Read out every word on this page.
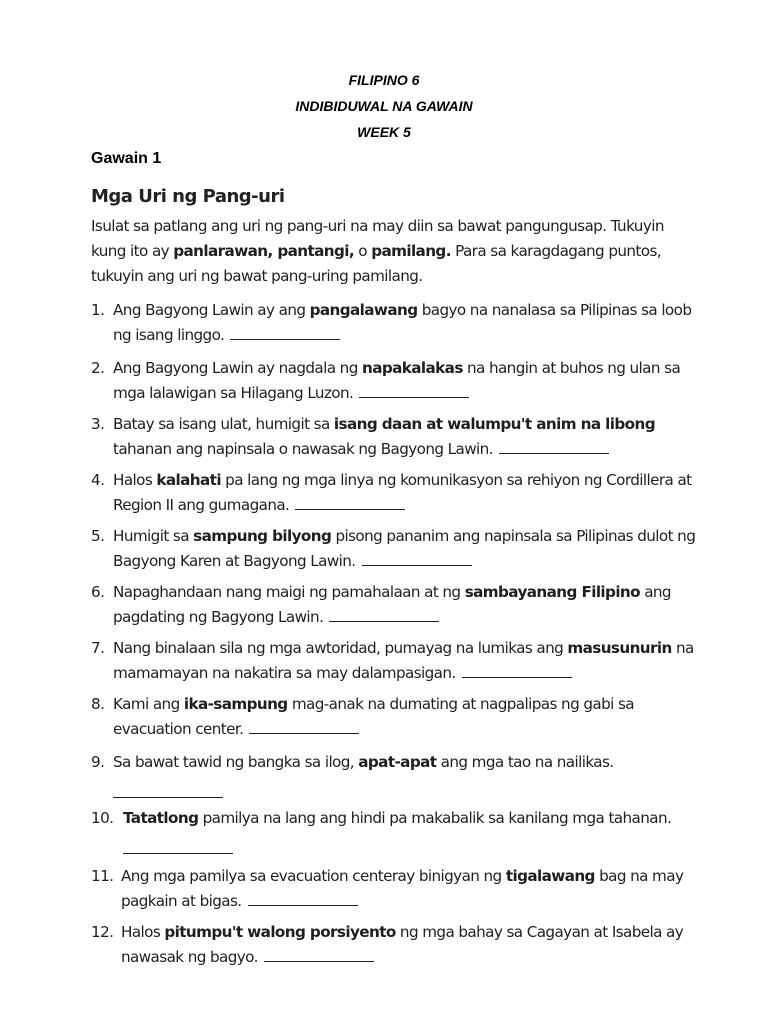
FILIPINO 6
INDIBIDUWAL NA GAWAIN
WEEK 5
Gawain 1
Mga Uri ng Pang-uri
Isulat sa patlang ang uri ng pang-uri na may diin sa bawat pangungusap. Tukuyin kung ito ay panlarawan, pantangi, o pamilang. Para sa karagdagang puntos, tukuyin ang uri ng bawat pang-uring pamilang.
1. Ang Bagyong Lawin ay ang pangalawang bagyo na nanalasa sa Pilipinas sa loob ng isang linggo.
2. Ang Bagyong Lawin ay nagdala ng napakalakas na hangin at buhos ng ulan sa mga lalawigan sa Hilagang Luzon.
3. Batay sa isang ulat, humigit sa isang daan at walumpu't anim na libong tahanan ang napinsala o nawasak ng Bagyong Lawin.
4. Halos kalahati pa lang ng mga linya ng komunikasyon sa rehiyon ng Cordillera at Region II ang gumagana.
5. Humigit sa sampung bilyong pisong pananim ang napinsala sa Pilipinas dulot ng Bagyong Karen at Bagyong Lawin.
6. Napaghandaan nang maigi ng pamahalaan at ng sambayanang Filipino ang pagdating ng Bagyong Lawin.
7. Nang binalaan sila ng mga awtoridad, pumayag na lumikas ang masusunurin na mamamayan na nakatira sa may dalampasigan.
8. Kami ang ika-sampung mag-anak na dumating at nagpalipas ng gabi sa evacuation center.
9. Sa bawat tawid ng bangka sa ilog, apat-apat ang mga tao na nailikas.
10. Tatatlong pamilya na lang ang hindi pa makabalik sa kanilang mga tahanan.
11. Ang mga pamilya sa evacuation centeray binigyan ng tigalawang bag na may pagkain at bigas.
12. Halos pitumpu't walong porsiyento ng mga bahay sa Cagayan at Isabela ay nawasak ng bagyo.
